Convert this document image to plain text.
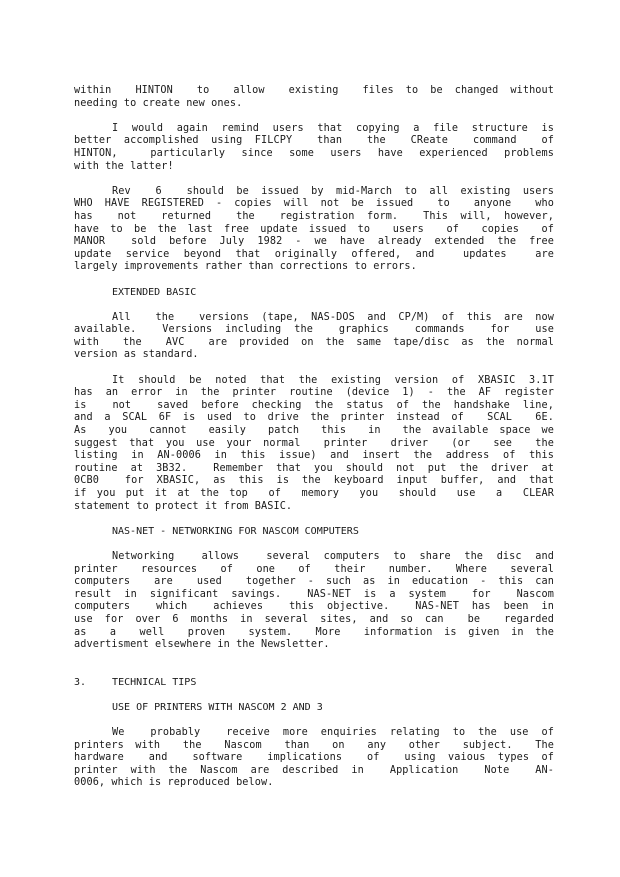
within  HINTON  to  allow  existing  files to be changed without
needing to create new ones.
I would again remind users that copying a file structure is
better accomplished using FILCPY  than  the  CReate  command  of
HINTON,  particularly since some users have experienced problems
with the latter!
Rev  6  should be issued by mid-March to all existing users
WHO HAVE REGISTERED - copies will not be issued  to  anyone  who
has  not  returned  the  registration form.  This will, however,
have to be the last free update issued to  users  of  copies  of
MANOR  sold before July 1982 - we have already extended the free
update service beyond that originally offered, and  updates  are
largely improvements rather than corrections to errors.
EXTENDED BASIC
All  the  versions (tape, NAS-DOS and CP/M) of this are now
available.  Versions including the  graphics  commands  for  use
with  the  AVC  are provided on the same tape/disc as the normal
version as standard.
It should be noted that the existing version of XBASIC 3.1T
has an error in the printer routine (device 1) - the AF register
is  not  saved before checking the status of the handshake line,
and a SCAL 6F is used to drive the printer instead of  SCAL  6E.
As  you  cannot  easily  patch  this  in  the available space we
suggest that you use your normal  printer  driver  (or  see  the
listing in AN-0006 in this issue) and insert the address of this
routine at 3B32.  Remember that you should not put the driver at
0CB0  for XBASIC, as this is the keyboard input buffer, and that
if you put it at the top  of  memory  you  should  use  a  CLEAR
statement to protect it from BASIC.
NAS-NET - NETWORKING FOR NASCOM COMPUTERS
Networking  allows  several computers to share the disc and
printer  resources  of  one  of  their  number.  Where  several
computers  are  used  together - such as in education - this can
result in significant savings.  NAS-NET is a system  for  Nascom
computers  which  achieves  this objective.  NAS-NET has been in
use for over 6 months in several sites, and so can  be  regarded
as  a  well  proven  system.  More  information is given in the
advertisment elsewhere in the Newsletter.
3.	TECHNICAL TIPS
USE OF PRINTERS WITH NASCOM 2 AND 3
We  probably  receive more enquiries relating to the use of
printers with  the  Nascom  than  on  any  other  subject.  The
hardware  and  software  implications  of  using vaious types of
printer with the Nascom are described in  Application  Note  AN-
0006, which is reproduced below.
